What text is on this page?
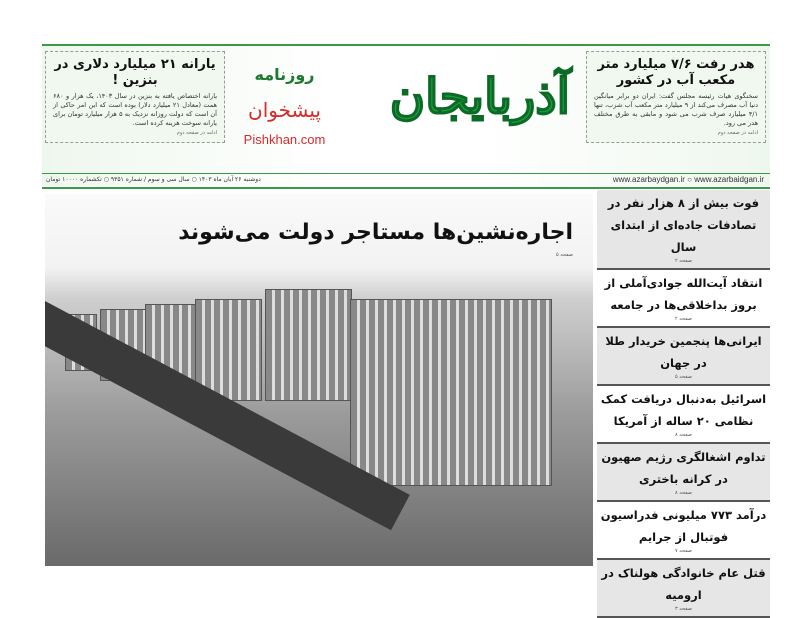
یارانه ۲۱ میلیارد دلاری در بنزین !

یارانه اختصاص یافته به بنزین در سال ۱۴۰۳، یک هزار و ۶۸۰ همت (معادل ۲۱ میلیارد دلار) بوده است که این امر حاکی از آن است که دولت روزانه نزدیک به ۵ هزار میلیارد تومان برای یارانه سوخت هزینه کرده است.

ادامه در صفحه دوم
آذربایجان
روزنامه
پیشخوان
Pishkhan.com
هدر رفت ۷/۶ میلیارد متر مکعب آب در کشور

سخنگوی هیات رئیسه مجلس گفت: ایران دو برابر میانگین دنیا آب مصرف می‌کند از ۹ میلیارد متر مکعب آب شرب، تنها ۴/۱ میلیارد صرف شرب می شود و مابقی به طرق مختلف هدر می رود.

ادامه در صفحه دوم
دوشنبه ۲۶ آبان ماه ۱۴۰۳ ○ سال سی و سوم / شماره ۹۳۵۱ ○ تکشماره ۱۰۰۰۰ تومان	www.azarbaydgan.ir ○ www.azarbaidgan.ir
اجاره‌نشین‌ها مستاجر دولت می‌شوند
صفحه ۵
فوت بیش از ۸ هزار نفر در تصادفات جاده‌ای از ابتدای سال
صفحه ۲
انتقاد آیت‌الله جوادی‌آملی از بروز بداخلاقی‌ها در جامعه
صفحه ۲
ایرانی‌ها پنجمین خریدار طلا در جهان
صفحه ۵
اسرائیل به‌دنبال دریافت کمک نظامی ۲۰ ساله از آمریکا
صفحه ۸
تداوم اشغالگری رژیم صهیون در کرانه باختری
صفحه ۸
درآمد ۷۷۳ میلیونی فدراسیون فوتبال از جرایم
صفحه ۷
قتل عام خانوادگی هولناک در ارومیه
صفحه ۳
